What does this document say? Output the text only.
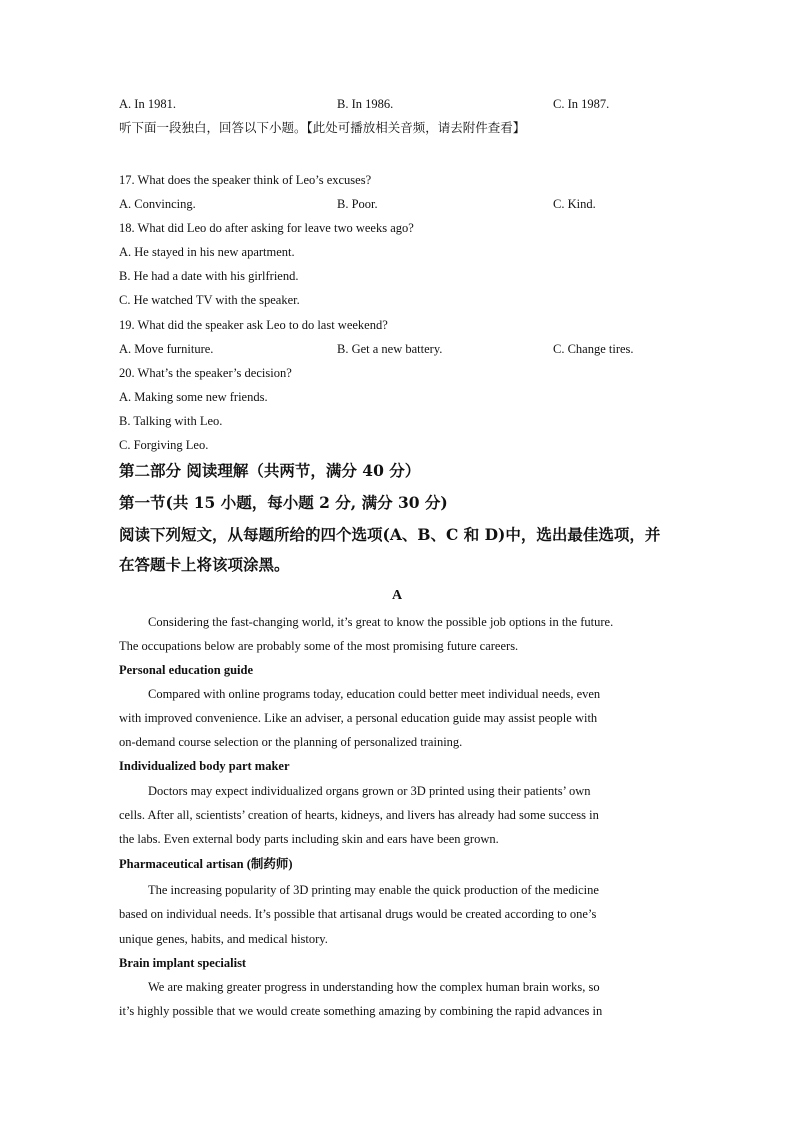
A. In 1981.	B. In 1986.	C. In 1987.
听下面一段独白，回答以下小题。【此处可播放相关音频，请去附件查看】
17. What does the speaker think of Leo’s excuses?
A. Convincing.	B. Poor.	C. Kind.
18. What did Leo do after asking for leave two weeks ago?
A. He stayed in his new apartment.
B. He had a date with his girlfriend.
C. He watched TV with the speaker.
19. What did the speaker ask Leo to do last weekend?
A. Move furniture.	B. Get a new battery.	C. Change tires.
20. What’s the speaker’s decision?
A. Making some new friends.
B. Talking with Leo.
C. Forgiving Leo.
第二部分 阅读理解（共两节，满分 40 分）
第一节(共 15 小题，每小题 2 分, 满分 30 分)
阅读下列短文，从每题所给的四个选项(A、B、C 和 D)中，选出最佳选项，并
在答题卡上将该项涂黑。
A
Considering the fast-changing world, it’s great to know the possible job options in the future.
The occupations below are probably some of the most promising future careers.
Personal education guide
Compared with online programs today, education could better meet individual needs, even
with improved convenience. Like an adviser, a personal education guide may assist people with
on-demand course selection or the planning of personalized training.
Individualized body part maker
Doctors may expect individualized organs grown or 3D printed using their patients’ own
cells. After all, scientists’ creation of hearts, kidneys, and livers has already had some success in
the labs. Even external body parts including skin and ears have been grown.
Pharmaceutical artisan (制药师)
The increasing popularity of 3D printing may enable the quick production of the medicine
based on individual needs. It’s possible that artisanal drugs would be created according to one’s
unique genes, habits, and medical history.
Brain implant specialist
We are making greater progress in understanding how the complex human brain works, so
it’s highly possible that we would create something amazing by combining the rapid advances in
